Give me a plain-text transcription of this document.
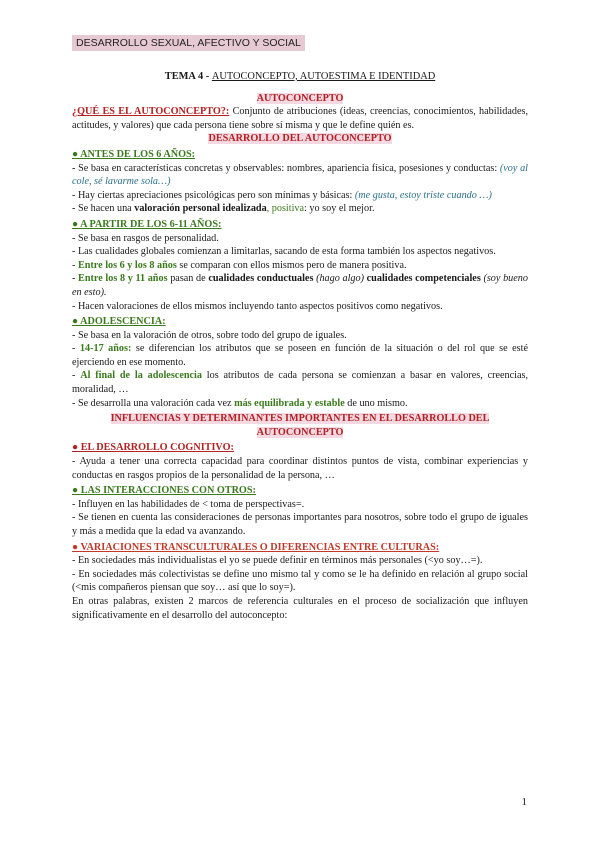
DESARROLLO SEXUAL, AFECTIVO Y SOCIAL

TEMA 4 - AUTOCONCEPTO, AUTOESTIMA E IDENTIDAD

AUTOCONCEPTO

¿QUÉ ES EL AUTOCONCEPTO?: Conjunto de atribuciones (ideas, creencias, conocimientos, habilidades, actitudes, y valores) que cada persona tiene sobre sí misma y que le define quién es.

DESARROLLO DEL AUTOCONCEPTO

● ANTES DE LOS 6 AÑOS:

- Se basa en características concretas y observables: nombres, apariencia física, posesiones y conductas: (voy al cole, sé lavarme sola…)

- Hay ciertas apreciaciones psicológicas pero son mínimas y básicas: (me gusta, estoy triste cuando …)

- Se hacen una valoración personal idealizada, positiva: yo soy el mejor.

● A PARTIR DE LOS 6-11 AÑOS:

- Se basa en rasgos de personalidad.

- Las cualidades globales comienzan a limitarlas, sacando de esta forma también los aspectos negativos.

- Entre los 6 y los 8 años se comparan con ellos mismos pero de manera positiva.

- Entre los 8 y 11 años pasan de cualidades conductuales (hago algo) cualidades competenciales (soy bueno en esto).

- Hacen valoraciones de ellos mismos incluyendo tanto aspectos positivos como negativos.

● ADOLESCENCIA:

- Se basa en la valoración de otros, sobre todo del grupo de iguales.

- 14-17 años: se diferencian los atributos que se poseen en función de la situación o del rol que se esté ejerciendo en ese momento.

- Al final de la adolescencia los atributos de cada persona se comienzan a basar en valores, creencias, moralidad, …

- Se desarrolla una valoración cada vez más equilibrada y estable de uno mismo.

INFLUENCIAS Y DETERMINANTES IMPORTANTES EN EL DESARROLLO DEL AUTOCONCEPTO

● EL DESARROLLO COGNITIVO:

- Ayuda a tener una correcta capacidad para coordinar distintos puntos de vista, combinar experiencias y conductas en rasgos propios de la personalidad de la persona, …

● LAS INTERACCIONES CON OTROS:

- Influyen en las habilidades de < toma de perspectivas=.

- Se tienen en cuenta las consideraciones de personas importantes para nosotros, sobre todo el grupo de iguales y más a medida que la edad va avanzando.

● VARIACIONES TRANSCULTURALES O DIFERENCIAS ENTRE CULTURAS:

- En sociedades más individualistas el yo se puede definir en términos más personales (<yo soy…=).

- En sociedades más colectivistas se define uno mismo tal y como se le ha definido en relación al grupo social (<mis compañeros piensan que soy… así que lo soy=).

En otras palabras, existen 2 marcos de referencia culturales en el proceso de socialización que influyen significativamente en el desarrollo del autoconcepto:

1
